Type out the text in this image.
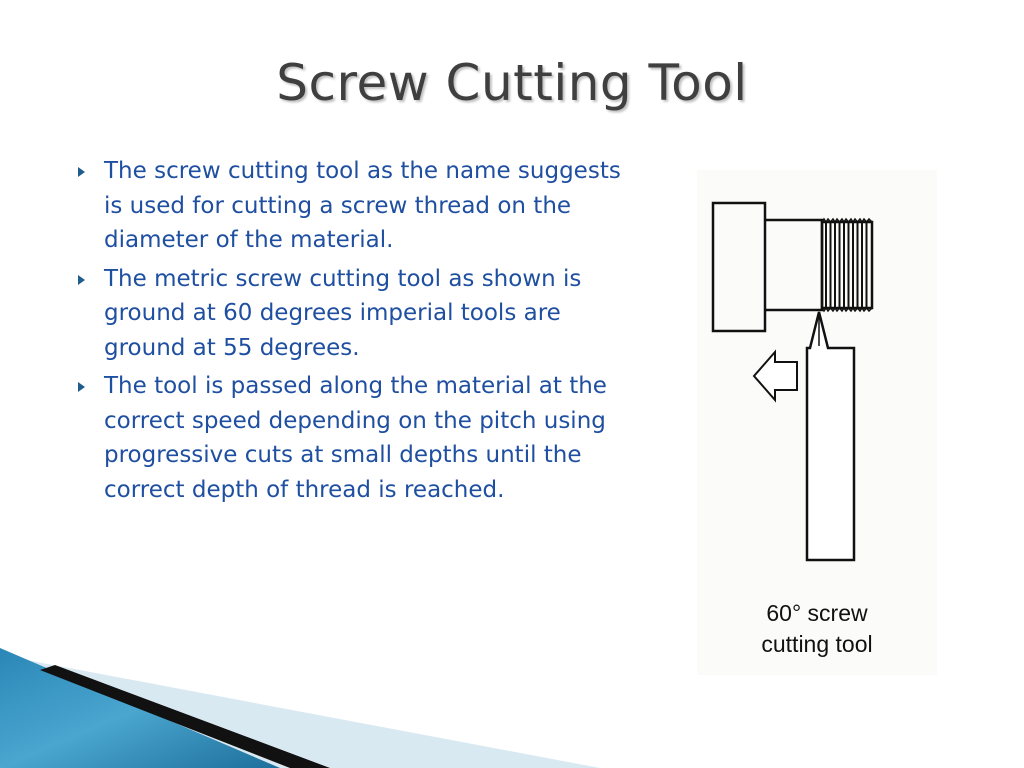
Screw Cutting Tool
The screw cutting tool as the name suggests is used for cutting a screw thread on the diameter of the material.
The metric screw cutting tool as shown is ground at 60 degrees imperial tools are ground at 55 degrees.
The tool is passed along the material at the correct speed depending on the pitch using progressive cuts at small depths until the correct depth of thread is reached.
60° screw
cutting tool
